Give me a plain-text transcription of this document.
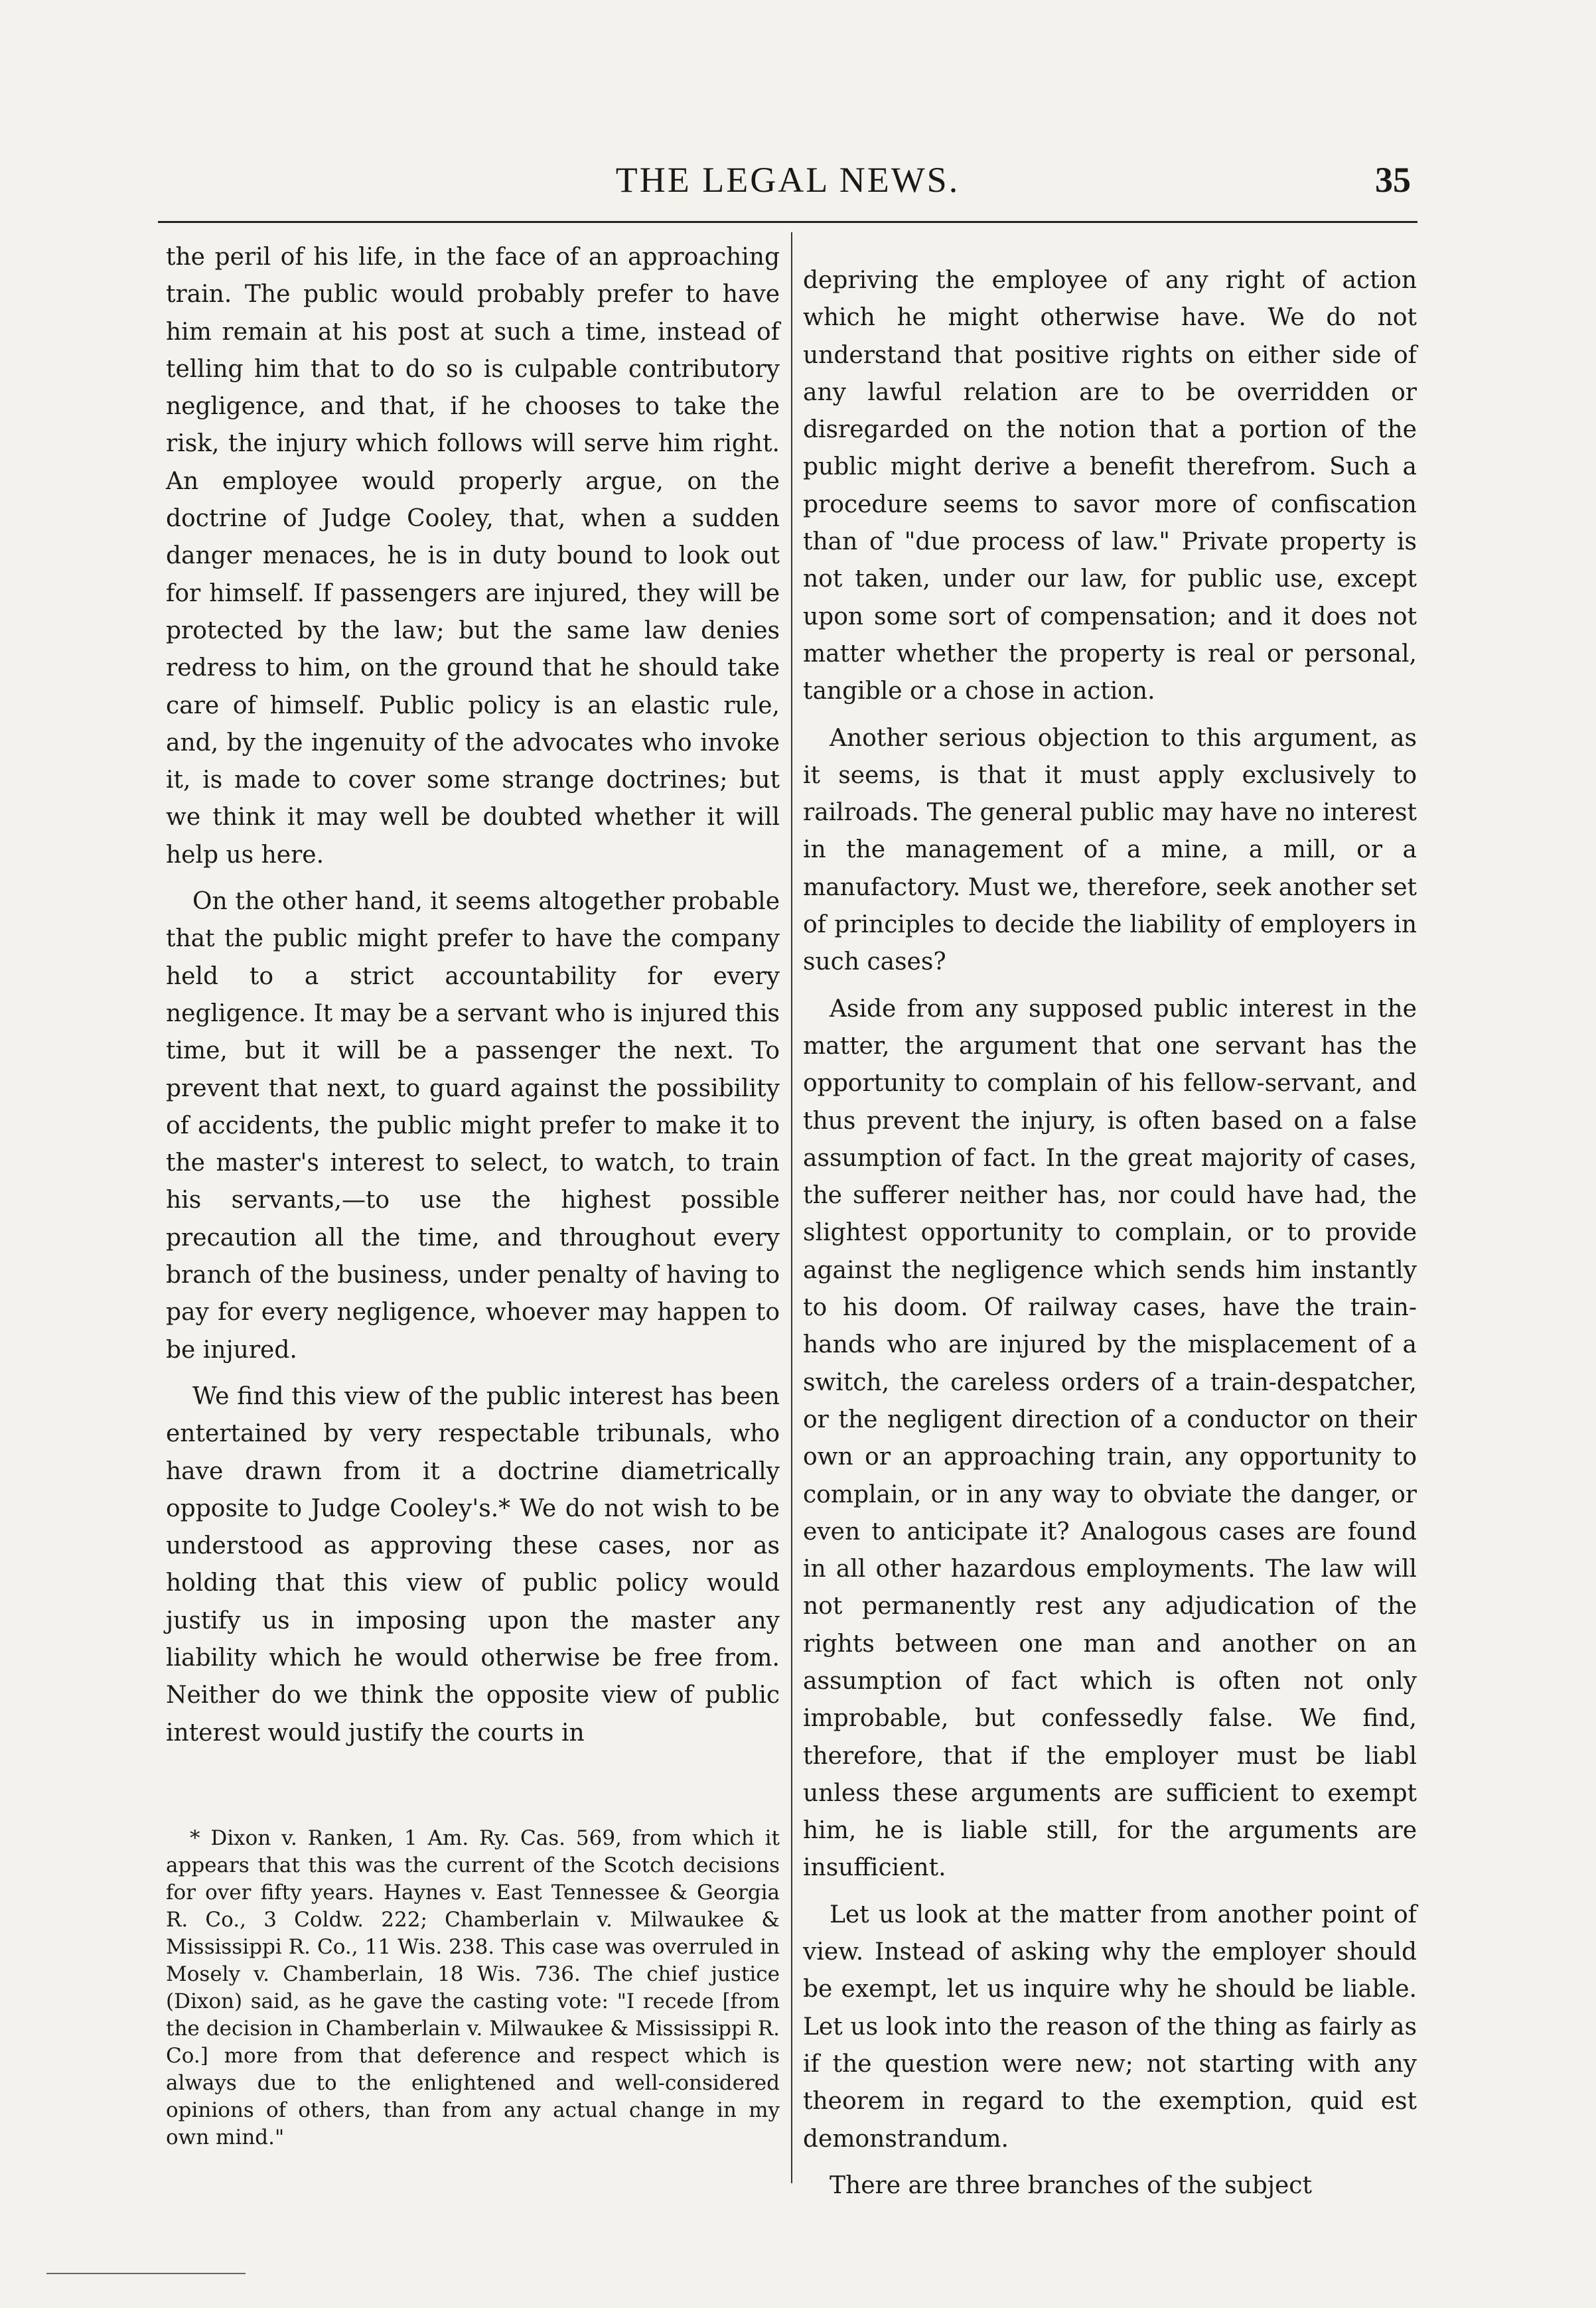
THE LEGAL NEWS.	35

the peril of his life, in the face of an approaching train. The public would probably prefer to have him remain at his post at such a time, instead of telling him that to do so is culpable contributory negligence, and that, if he chooses to take the risk, the injury which follows will serve him right. An employee would properly argue, on the doctrine of Judge Cooley, that, when a sudden danger menaces, he is in duty bound to look out for himself. If passengers are injured, they will be protected by the law; but the same law denies redress to him, on the ground that he should take care of himself. Public policy is an elastic rule, and, by the ingenuity of the advocates who invoke it, is made to cover some strange doctrines; but we think it may well be doubted whether it will help us here.

On the other hand, it seems altogether probable that the public might prefer to have the company held to a strict accountability for every negligence. It may be a servant who is injured this time, but it will be a passenger the next. To prevent that next, to guard against the possibility of accidents, the public might prefer to make it to the master's interest to select, to watch, to train his servants,—to use the highest possible precaution all the time, and throughout every branch of the business, under penalty of having to pay for every negligence, whoever may happen to be injured.

We find this view of the public interest has been entertained by very respectable tribunals, who have drawn from it a doctrine diametrically opposite to Judge Cooley's.* We do not wish to be understood as approving these cases, nor as holding that this view of public policy would justify us in imposing upon the master any liability which he would otherwise be free from. Neither do we think the opposite view of public interest would justify the courts in

* Dixon v. Ranken, 1 Am. Ry. Cas. 569, from which it appears that this was the current of the Scotch decisions for over fifty years. Haynes v. East Tennessee & Georgia R. Co., 3 Coldw. 222; Chamberlain v. Milwaukee & Mississippi R. Co., 11 Wis. 238. This case was overruled in Mosely v. Chamberlain, 18 Wis. 736. The chief justice (Dixon) said, as he gave the casting vote: "I recede [from the decision in Chamberlain v. Milwaukee & Mississippi R. Co.] more from that deference and respect which is always due to the enlightened and well-considered opinions of others, than from any actual change in my own mind."

depriving the employee of any right of action which he might otherwise have. We do not understand that positive rights on either side of any lawful relation are to be overridden or disregarded on the notion that a portion of the public might derive a benefit therefrom. Such a procedure seems to savor more of confiscation than of "due process of law." Private property is not taken, under our law, for public use, except upon some sort of compensation; and it does not matter whether the property is real or personal, tangible or a chose in action.

Another serious objection to this argument, as it seems, is that it must apply exclusively to railroads. The general public may have no interest in the management of a mine, a mill, or a manufactory. Must we, therefore, seek another set of principles to decide the liability of employers in such cases?

Aside from any supposed public interest in the matter, the argument that one servant has the opportunity to complain of his fellow-servant, and thus prevent the injury, is often based on a false assumption of fact. In the great majority of cases, the sufferer neither has, nor could have had, the slightest opportunity to complain, or to provide against the negligence which sends him instantly to his doom. Of railway cases, have the train-hands who are injured by the misplacement of a switch, the careless orders of a train-despatcher, or the negligent direction of a conductor on their own or an approaching train, any opportunity to complain, or in any way to obviate the danger, or even to anticipate it? Analogous cases are found in all other hazardous employments. The law will not permanently rest any adjudication of the rights between one man and another on an assumption of fact which is often not only improbable, but confessedly false. We find, therefore, that if the employer must be liabl unless these arguments are sufficient to exempt him, he is liable still, for the arguments are insufficient.

Let us look at the matter from another point of view. Instead of asking why the employer should be exempt, let us inquire why he should be liable. Let us look into the reason of the thing as fairly as if the question were new; not starting with any theorem in regard to the exemption, quid est demonstrandum.

There are three branches of the subject
